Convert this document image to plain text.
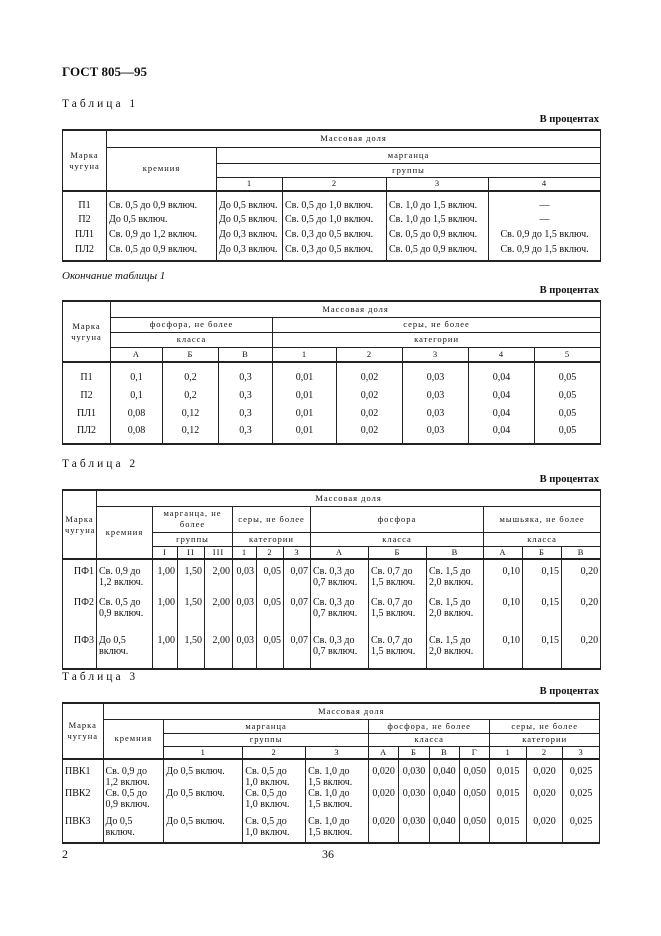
ГОСТ 805—95
Таблица 1
В процентах
Марка
чугуна	Массовая доля				
	кремния	марганца			
		группы			
		1	2	3	4
П1	Св. 0,5 до 0,9 включ.	До 0,5 включ.	Св. 0,5 до 1,0 включ.	Св. 1,0 до 1,5 включ.	—
П2	До 0,5 включ.	До 0,5 включ.	Св. 0,5 до 1,0 включ.	Св. 1,0 до 1,5 включ.	—
ПЛ1	Св. 0,9 до 1,2 включ.	До 0,3 включ.	Св. 0,3 до 0,5 включ.	Св. 0,5 до 0,9 включ.	Св. 0,9 до 1,5 включ.
ПЛ2	Св. 0,5 до 0,9 включ.	До 0,3 включ.	Св. 0,3 до 0,5 включ.	Св. 0,5 до 0,9 включ.	Св. 0,9 до 1,5 включ.
Окончание таблицы 1
В процентах
Марка
чугуна	Массовая доля							
	фосфора, не более			серы, не более				
	класса			категории				
	А	Б	В	1	2	3	4	5
П1	0,1	0,2	0,3	0,01	0,02	0,03	0,04	0,05
П2	0,1	0,2	0,3	0,01	0,02	0,03	0,04	0,05
ПЛ1	0,08	0,12	0,3	0,01	0,02	0,03	0,04	0,05
ПЛ2	0,08	0,12	0,3	0,01	0,02	0,03	0,04	0,05
Таблица 2
В процентах
Марка
чугуна	Массовая доля												
	кремния	марганца, не более			серы, не более			фосфора			мышьяка, не более		
		группы			категории			класса			класса		
		I	II	III	1	2	3	А	Б	В	А	Б	В
ПФ1	Св. 0,9 до
1,2 включ.	1,00	1,50	2,00	0,03	0,05	0,07	Св. 0,3 до
0,7 включ.	Св. 0,7 до
1,5 включ.	Св. 1,5 до
2,0 включ.	0,10	0,15	0,20
ПФ2	Св. 0,5 до
0,9 включ.	1,00	1,50	2,00	0,03	0,05	0,07	Св. 0,3 до
0,7 включ.	Св. 0,7 до
1,5 включ.	Св. 1,5 до
2,0 включ.	0,10	0,15	0,20
ПФ3	До 0,5
включ.	1,00	1,50	2,00	0,03	0,05	0,07	Св. 0,3 до
0,7 включ.	Св. 0,7 до
1,5 включ.	Св. 1,5 до
2,0 включ.	0,10	0,15	0,20
Таблица 3
В процентах
Марка
чугуна	Массовая доля										
	кремния	марганца			фосфора, не более				серы, не более		
		группы			класса				категории		
		1	2	3	А	Б	В	Г	1	2	3
ПВК1	Св. 0,9 до
1,2 включ.	До 0,5 включ.	Св. 0,5 до
1,0 включ.	Св. 1,0 до
1,5 включ.	0,020	0,030	0,040	0,050	0,015	0,020	0,025
ПВК2	Св. 0,5 до
0,9 включ.	До 0,5 включ.	Св. 0,5 до
1,0 включ.	Св. 1,0 до
1,5 включ.	0,020	0,030	0,040	0,050	0,015	0,020	0,025
ПВК3	До 0,5
включ.	До 0,5 включ.	Св. 0,5 до
1,0 включ.	Св. 1,0 до
1,5 включ.	0,020	0,030	0,040	0,050	0,015	0,020	0,025
2	36
